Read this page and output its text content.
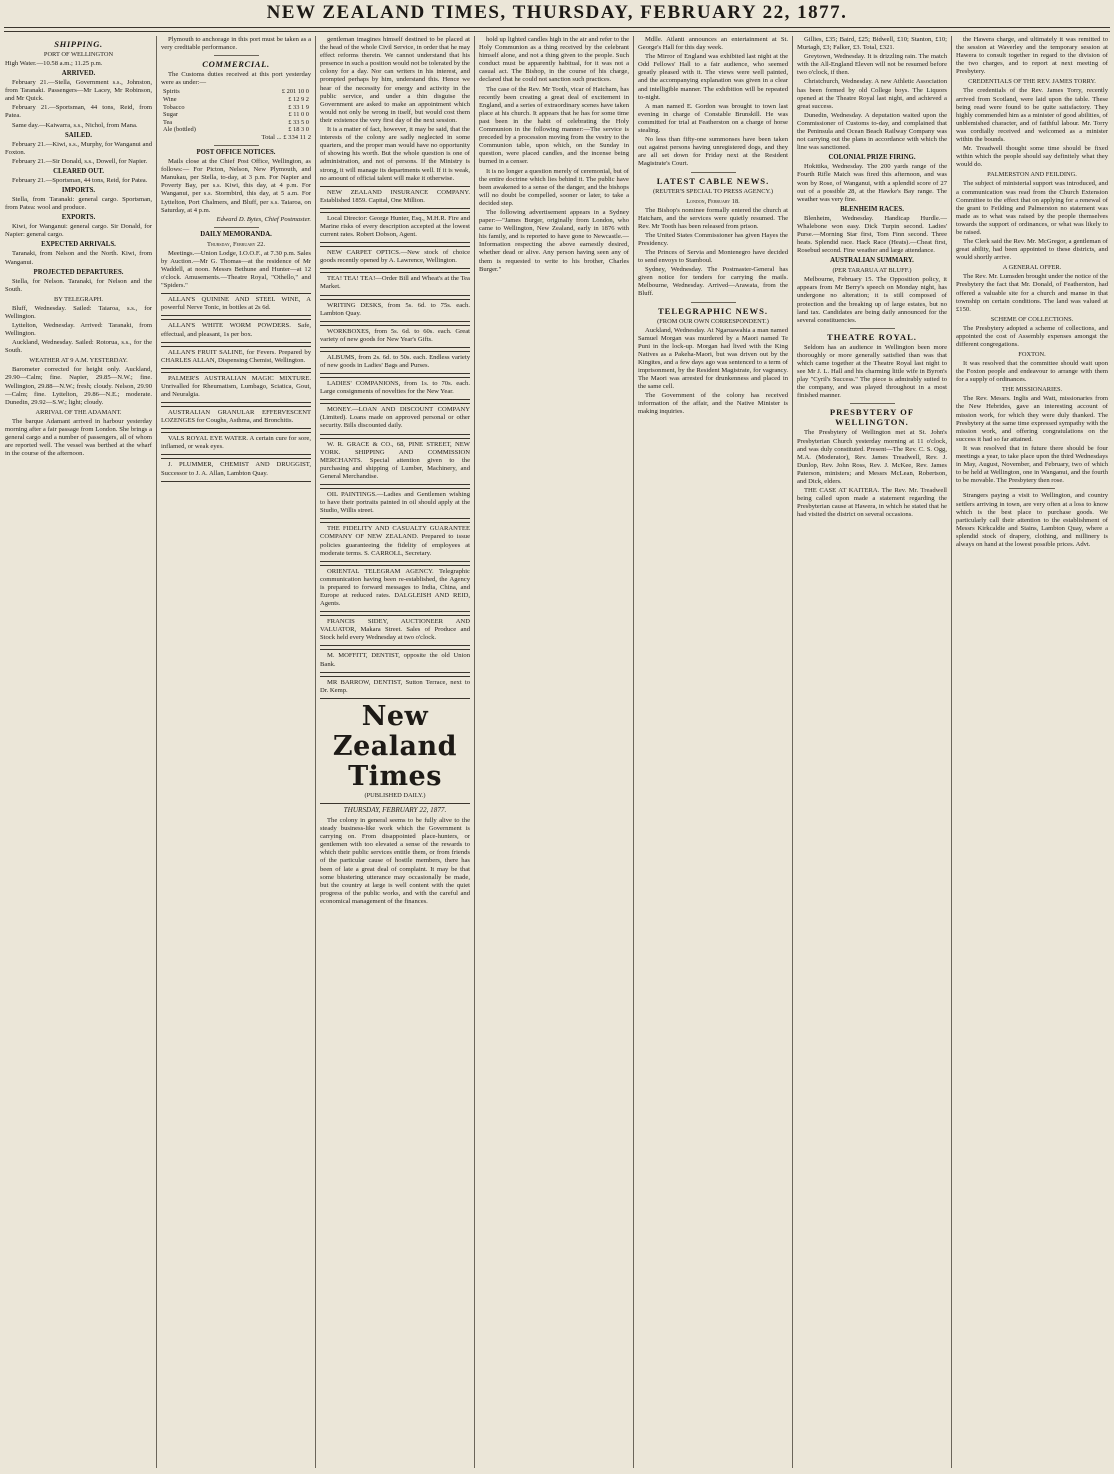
NEW ZEALAND TIMES, THURSDAY, FEBRUARY 22, 1877.
SHIPPING.
PORT OF WELLINGTON

High Water.—10.58 a.m.; 11.25 p.m.

ARRIVED.

February 21.—Stella, Government s.s., Johnston, from Taranaki. Passengers—Mr Lacey, Mr Robinson, and Mr Quick.

February 21.—Sportsman, 44 tons, Reid, from Patea.

Same day.—Kaiwarra, s.s., Nichol, from Mana.

SAILED.

February 21.—Kiwi, s.s., Murphy, for Wanganui and Foxton.

February 21.—Sir Donald, s.s., Dowell, for Napier.

CLEARED OUT.

February 21.—Sportsman, 44 tons, Reid, for Patea.

IMPORTS.

Stella, from Taranaki: general cargo. Sportsman, from Patea: wool and produce.

EXPORTS.

Kiwi, for Wanganui: general cargo. Sir Donald, for Napier: general cargo.

EXPECTED ARRIVALS.

Taranaki, from Nelson and the North. Kiwi, from Wanganui.

PROJECTED DEPARTURES.

Stella, for Nelson. Taranaki, for Nelson and the South.

BY TELEGRAPH.

Bluff, Wednesday. Sailed: Taiaroa, s.s., for Wellington.

Lyttelton, Wednesday. Arrived: Taranaki, from Wellington.

Auckland, Wednesday. Sailed: Rotorua, s.s., for the South.

WEATHER AT 9 A.M. YESTERDAY.

Barometer corrected for height only. Auckland, 29.90—Calm; fine. Napier, 29.85—N.W.; fine. Wellington, 29.88—N.W.; fresh; cloudy. Nelson, 29.90—Calm; fine. Lyttelton, 29.86—N.E.; moderate. Dunedin, 29.92—S.W.; light; cloudy.

ARRIVAL OF THE ADAMANT.

The barque Adamant arrived in harbour yesterday morning after a fair passage from London. She brings a general cargo and a number of passengers, all of whom are reported well. The vessel was berthed at the wharf in the course of the afternoon.

Plymouth to anchorage in this port must be taken as a very creditable performance.

COMMERCIAL.

The Customs duties received at this port yesterday were as under:—

Spirits	£ 201 10 0
Wine	£ 12 9 2
Tobacco	£ 33 1 9
Sugar	£ 11 0 0
Tea	£ 33 5 0
Ale (bottled)	£ 18 3 0

Total ... £ 334 11 2

POST OFFICE NOTICES.

Mails close at the Chief Post Office, Wellington, as follows:— For Picton, Nelson, New Plymouth, and Manukau, per Stella, to-day, at 3 p.m. For Napier and Poverty Bay, per s.s. Kiwi, this day, at 4 p.m. For Wanganui, per s.s. Stormbird, this day, at 5 a.m. For Lyttelton, Port Chalmers, and Bluff, per s.s. Taiaroa, on Saturday, at 4 p.m.

Edward D. Bytes, Chief Postmaster.

DAILY MEMORANDA.
Thursday, February 22.

Meetings.—Union Lodge, I.O.O.F., at 7.30 p.m. Sales by Auction.—Mr G. Thomas—at the residence of Mr Waddell, at noon. Messrs Bethune and Hunter—at 12 o'clock. Amusements.—Theatre Royal, "Othello," and "Spiders."

ALLAN'S QUININE AND STEEL WINE, A powerful Nerve Tonic, in bottles at 2s 6d.

ALLAN'S WHITE WORM POWDERS. Safe, effectual, and pleasant, 1s per box.

ALLAN'S FRUIT SALINE, for Fevers. Prepared by CHARLES ALLAN, Dispensing Chemist, Wellington.

PALMER'S AUSTRALIAN MAGIC MIXTURE. Unrivalled for Rheumatism, Lumbago, Sciatica, Gout, and Neuralgia.

AUSTRALIAN GRANULAR EFFERVESCENT LOZENGES for Coughs, Asthma, and Bronchitis.

VALS ROYAL EYE WATER. A certain cure for sore, inflamed, or weak eyes.

J. PLUMMER, CHEMIST AND DRUGGIST, Successor to J. A. Allan, Lambton Quay.

gentleman imagines himself destined to be placed at the head of the whole Civil Service, in order that he may effect reforms therein. We cannot understand that his presence in such a position would not be tolerated by the colony for a day. Nor can writers in his interest, and prompted perhaps by him, understand this. Hence we hear of the necessity for energy and activity in the public service, and under a thin disguise the Government are asked to make an appointment which would not only be wrong in itself, but would cost them their existence the very first day of the next session.

It is a matter of fact, however, it may be said, that the interests of the colony are sadly neglected in some quarters, and the proper man would have no opportunity of showing his worth. But the whole question is one of administration, and not of persons. If the Ministry is strong, it will manage its departments well. If it is weak, no amount of official talent will make it otherwise.

NEW ZEALAND INSURANCE COMPANY. Established 1859. Capital, One Million.

Local Director: George Hunter, Esq., M.H.R. Fire and Marine risks of every description accepted at the lowest current rates. Robert Dobson, Agent.

NEW CARPET OPTICS.—New stock of choice goods recently opened by A. Lawrence, Wellington.

TEA! TEA! TEA!—Order Bill and Wheat's at the Tea Market.

WRITING DESKS, from 5s. 6d. to 75s. each. Lambton Quay.

WORKBOXES, from 5s. 6d. to 60s. each. Great variety of new goods for New Year's Gifts.

ALBUMS, from 2s. 6d. to 50s. each. Endless variety of new goods in Ladies' Bags and Purses.

LADIES' COMPANIONS, from 1s. to 70s. each. Large consignments of novelties for the New Year.

MONEY.—LOAN AND DISCOUNT COMPANY (Limited). Loans made on approved personal or other security. Bills discounted daily.

W. R. GRACE & CO., 68, PINE STREET, NEW YORK. SHIPPING AND COMMISSION MERCHANTS. Special attention given to the purchasing and shipping of Lumber, Machinery, and General Merchandise.

OIL PAINTINGS.—Ladies and Gentlemen wishing to have their portraits painted in oil should apply at the Studio, Willis street.

THE FIDELITY AND CASUALTY GUARANTEE COMPANY OF NEW ZEALAND. Prepared to issue policies guaranteeing the fidelity of employees at moderate terms. S. CARROLL, Secretary.

ORIENTAL TELEGRAM AGENCY. Telegraphic communication having been re-established, the Agency is prepared to forward messages to India, China, and Europe at reduced rates. DALGLEISH AND REID, Agents.

FRANCIS SIDEY, AUCTIONEER AND VALUATOR, Makara Street. Sales of Produce and Stock held every Wednesday at two o'clock.

M. MOFFITT, DENTIST, opposite the old Union Bank.

MR BARROW, DENTIST, Sutton Terrace, next to Dr. Kemp.

New Zealand Times
(PUBLISHED DAILY.)
THURSDAY, FEBRUARY 22, 1877.

The colony in general seems to be fully alive to the steady business-like work which the Government is carrying on. From disappointed place-hunters, or gentlemen with too elevated a sense of the rewards to which their public services entitle them, or from friends of the particular cause of hostile members, there has been of late a great deal of complaint. It may be that some blustering utterance may occasionally be made, but the country at large is well content with the quiet progress of the public works, and with the careful and economical management of the finances.

hold up lighted candles high in the air and refer to the Holy Communion as a thing received by the celebrant himself alone, and not a thing given to the people. Such conduct must be apparently habitual, for it was not a casual act. The Bishop, in the course of his charge, declared that he could not sanction such practices.

The case of the Rev. Mr Tooth, vicar of Hatcham, has recently been creating a great deal of excitement in England, and a series of extraordinary scenes have taken place at his church. It appears that he has for some time past been in the habit of celebrating the Holy Communion in the following manner:—The service is preceded by a procession moving from the vestry to the Communion table, upon which, on the Sunday in question, were placed candles, and the incense being burned in a censer.

It is no longer a question merely of ceremonial, but of the entire doctrine which lies behind it. The public have been awakened to a sense of the danger, and the bishops will no doubt be compelled, sooner or later, to take a decided step.

The following advertisement appears in a Sydney paper:—"James Burger, originally from London, who came to Wellington, New Zealand, early in 1876 with his family, and is reported to have gone to Newcastle.—Information respecting the above earnestly desired, whether dead or alive. Any person having seen any of them is requested to write to his brother, Charles Burger."

Mdlle. Atlanti announces an entertainment at St. George's Hall for this day week.

The Mirror of England was exhibited last night at the Odd Fellows' Hall to a fair audience, who seemed greatly pleased with it. The views were well painted, and the accompanying explanation was given in a clear and intelligible manner. The exhibition will be repeated to-night.

A man named E. Gordon was brought to town last evening in charge of Constable Brunskill. He was committed for trial at Featherston on a charge of horse stealing.

No less than fifty-one summonses have been taken out against persons having unregistered dogs, and they are all set down for Friday next at the Resident Magistrate's Court.

LATEST CABLE NEWS.
(REUTER'S SPECIAL TO PRESS AGENCY.)
London, February 18.

The Bishop's nominee formally entered the church at Hatcham, and the services were quietly resumed. The Rev. Mr Tooth has been released from prison.

The United States Commissioner has given Hayes the Presidency.

The Princes of Servia and Montenegro have decided to send envoys to Stamboul.

Sydney, Wednesday. The Postmaster-General has given notice for tenders for carrying the mails. Melbourne, Wednesday. Arrived—Arawata, from the Bluff.

TELEGRAPHIC NEWS.
(FROM OUR OWN CORRESPONDENT.)

Auckland, Wednesday. At Ngaruawahia a man named Samuel Morgan was murdered by a Maori named Te Puni in the lock-up. Morgan had lived with the King Natives as a Pakeha-Maori, but was driven out by the Kingites, and a few days ago was sentenced to a term of imprisonment, by the Resident Magistrate, for vagrancy. The Maori was arrested for drunkenness and placed in the same cell.

The Government of the colony has received information of the affair, and the Native Minister is making inquiries.

Gillies, £35; Baird, £25; Bidwell, £10; Stanton, £10; Murtagh, £3; Falker, £3. Total, £321.

Greytown, Wednesday. It is drizzling rain. The match with the All-England Eleven will not be resumed before two o'clock, if then.

Christchurch, Wednesday. A new Athletic Association has been formed by old College boys. The Liquors opened at the Theatre Royal last night, and achieved a great success.

Dunedin, Wednesday. A deputation waited upon the Commissioner of Customs to-day, and complained that the Peninsula and Ocean Beach Railway Company was not carrying out the plans in accordance with which the line was sanctioned.

COLONIAL PRIZE FIRING.

Hokitika, Wednesday. The 200 yards range of the Fourth Rifle Match was fired this afternoon, and was won by Rose, of Wanganui, with a splendid score of 27 out of a possible 28, at the Hawke's Bay range. The weather was very fine.

BLENHEIM RACES.

Blenheim, Wednesday. Handicap Hurdle.—Whalebone won easy. Dick Turpin second. Ladies' Purse.—Morning Star first, Tom Finn second. Three heats. Splendid race. Hack Race (Heats).—Cheat first, Rosebud second. Fine weather and large attendance.

AUSTRALIAN SUMMARY.
(PER TARARUA AT BLUFF.)

Melbourne, February 15. The Opposition policy, it appears from Mr Berry's speech on Monday night, has undergone no alteration; it is still composed of protection and the breaking up of large estates, but no land tax. Candidates are being daily announced for the several constituencies.

THEATRE ROYAL.

Seldom has an audience in Wellington been more thoroughly or more generally satisfied than was that which came together at the Theatre Royal last night to see Mr J. L. Hall and his charming little wife in Byron's play "Cyril's Success." The piece is admirably suited to the company, and was played throughout in a most finished manner.

PRESBYTERY OF WELLINGTON.

The Presbytery of Wellington met at St. John's Presbyterian Church yesterday morning at 11 o'clock, and was duly constituted. Present—The Rev. C. S. Ogg, M.A. (Moderator), Rev. James Treadwell, Rev. J. Dunlop, Rev. John Ross, Rev. J. McKee, Rev. James Paterson, ministers; and Messrs McLean, Robertson, and Dick, elders.

THE CASE AT KAITERA. The Rev. Mr. Treadwell being called upon made a statement regarding the Presbyterian cause at Hawera, in which he stated that he had visited the district on several occasions.

the Hawera charge, and ultimately it was remitted to the session at Waverley and the temporary session at Hawera to consult together in regard to the division of the two charges, and to report at next meeting of Presbytery.

CREDENTIALS OF THE REV. JAMES TORRY.

The credentials of the Rev. James Torry, recently arrived from Scotland, were laid upon the table. These being read were found to be quite satisfactory. They highly commended him as a minister of good abilities, of unblemished character, and of faithful labour. Mr. Torry was cordially received and welcomed as a minister within the bounds.

Mr. Treadwell thought some time should be fixed within which the people should say definitely what they would do.

PALMERSTON AND FEILDING.

The subject of ministerial support was introduced, and a communication was read from the Church Extension Committee to the effect that on applying for a renewal of the grant to Feilding and Palmerston no statement was made as to what was raised by the people themselves towards the support of ordinances, or what was likely to be raised.

The Clerk said the Rev. Mr. McGregor, a gentleman of great ability, had been appointed to these districts, and would shortly arrive.

A GENERAL OFFER.

The Rev. Mr. Lumsden brought under the notice of the Presbytery the fact that Mr. Donald, of Featherston, had offered a valuable site for a church and manse in that township on certain conditions. The land was valued at £150.

SCHEME OF COLLECTIONS.

The Presbytery adopted a scheme of collections, and appointed the cost of Assembly expenses amongst the different congregations.

FOXTON.

It was resolved that the committee should wait upon the Foxton people and endeavour to arrange with them for a supply of ordinances.

THE MISSIONARIES.

The Rev. Messrs. Inglis and Watt, missionaries from the New Hebrides, gave an interesting account of mission work, for which they were duly thanked. The Presbytery at the same time expressed sympathy with the mission work, and offering congratulations on the success it had so far attained.

It was resolved that in future there should be four meetings a year, to take place upon the third Wednesdays in May, August, November, and February, two of which to be held at Wellington, one in Wanganui, and the fourth to be movable. The Presbytery then rose.

Strangers paying a visit to Wellington, and country settlers arriving in town, are very often at a loss to know which is the best place to purchase goods. We particularly call their attention to the establishment of Messrs Kirkcaldie and Stains, Lambton Quay, where a splendid stock of drapery, clothing, and millinery is always on hand at the lowest possible prices. Advt.
